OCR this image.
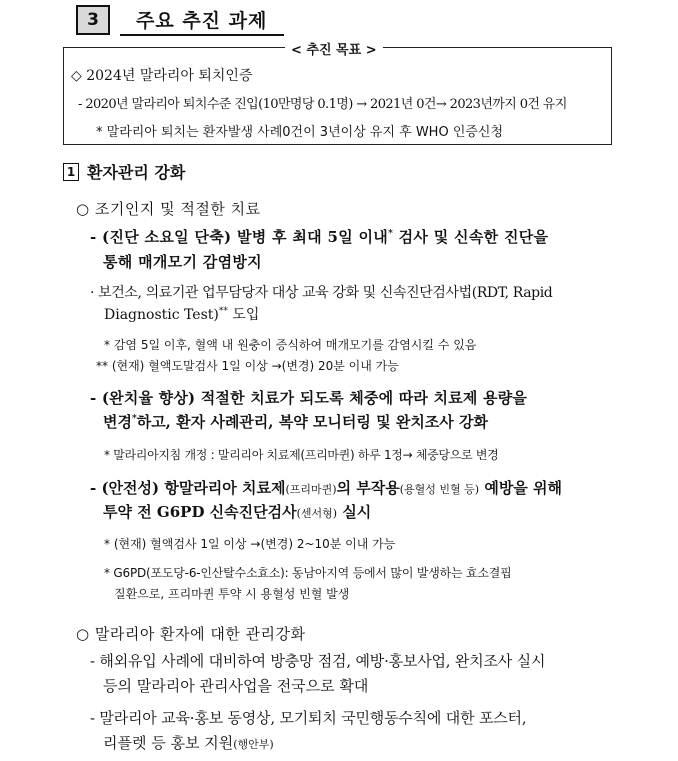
3	주요 추진 과제
< 추진 목표 >
◇ 2024년 말라리아 퇴치인증
- 2020년 말라리아 퇴치수준 진입(10만명당 0.1명) → 2021년 0건→ 2023년까지 0건 유지
* 말라리아 퇴치는 환자발생 사례0건이 3년이상 유지 후 WHO 인증신청
1 환자관리 강화
○ 조기인지 및 적절한 치료
- (진단 소요일 단축) 발병 후 최대 5일 이내* 검사 및 신속한 진단을
통해 매개모기 감염방지
· 보건소, 의료기관 업무담당자 대상 교육 강화 및 신속진단검사법(RDT, Rapid
Diagnostic Test)** 도입
* 감염 5일 이후, 혈액 내 원충이 증식하여 매개모기를 감염시킬 수 있음
** (현재) 혈액도말검사 1일 이상 →(변경) 20분 이내 가능
- (완치율 향상) 적절한 치료가 되도록 체중에 따라 치료제 용량을
변경*하고, 환자 사례관리, 복약 모니터링 및 완치조사 강화
* 말라리아지침 개정 : 말리리아 치료제(프리마퀸) 하루 1정→ 체중당으로 변경
- (안전성) 항말라리아 치료제(프리마퀸)의 부작용(용혈성 빈혈 등) 예방을 위해
투약 전 G6PD 신속진단검사(센서형) 실시
* (현재) 혈액검사 1일 이상 →(변경) 2~10분 이내 가능
* G6PD(포도당-6-인산탈수소효소): 동남아지역 등에서 많이 발생하는 효소결핍
질환으로, 프리마퀸 투약 시 용혈성 빈혈 발생
○ 말라리아 환자에 대한 관리강화
- 해외유입 사례에 대비하여 방충망 점검, 예방·홍보사업, 완치조사 실시
등의 말라리아 관리사업을 전국으로 확대
- 말라리아 교육·홍보 동영상, 모기퇴치 국민행동수칙에 대한 포스터,
리플렛 등 홍보 지원(행안부)
